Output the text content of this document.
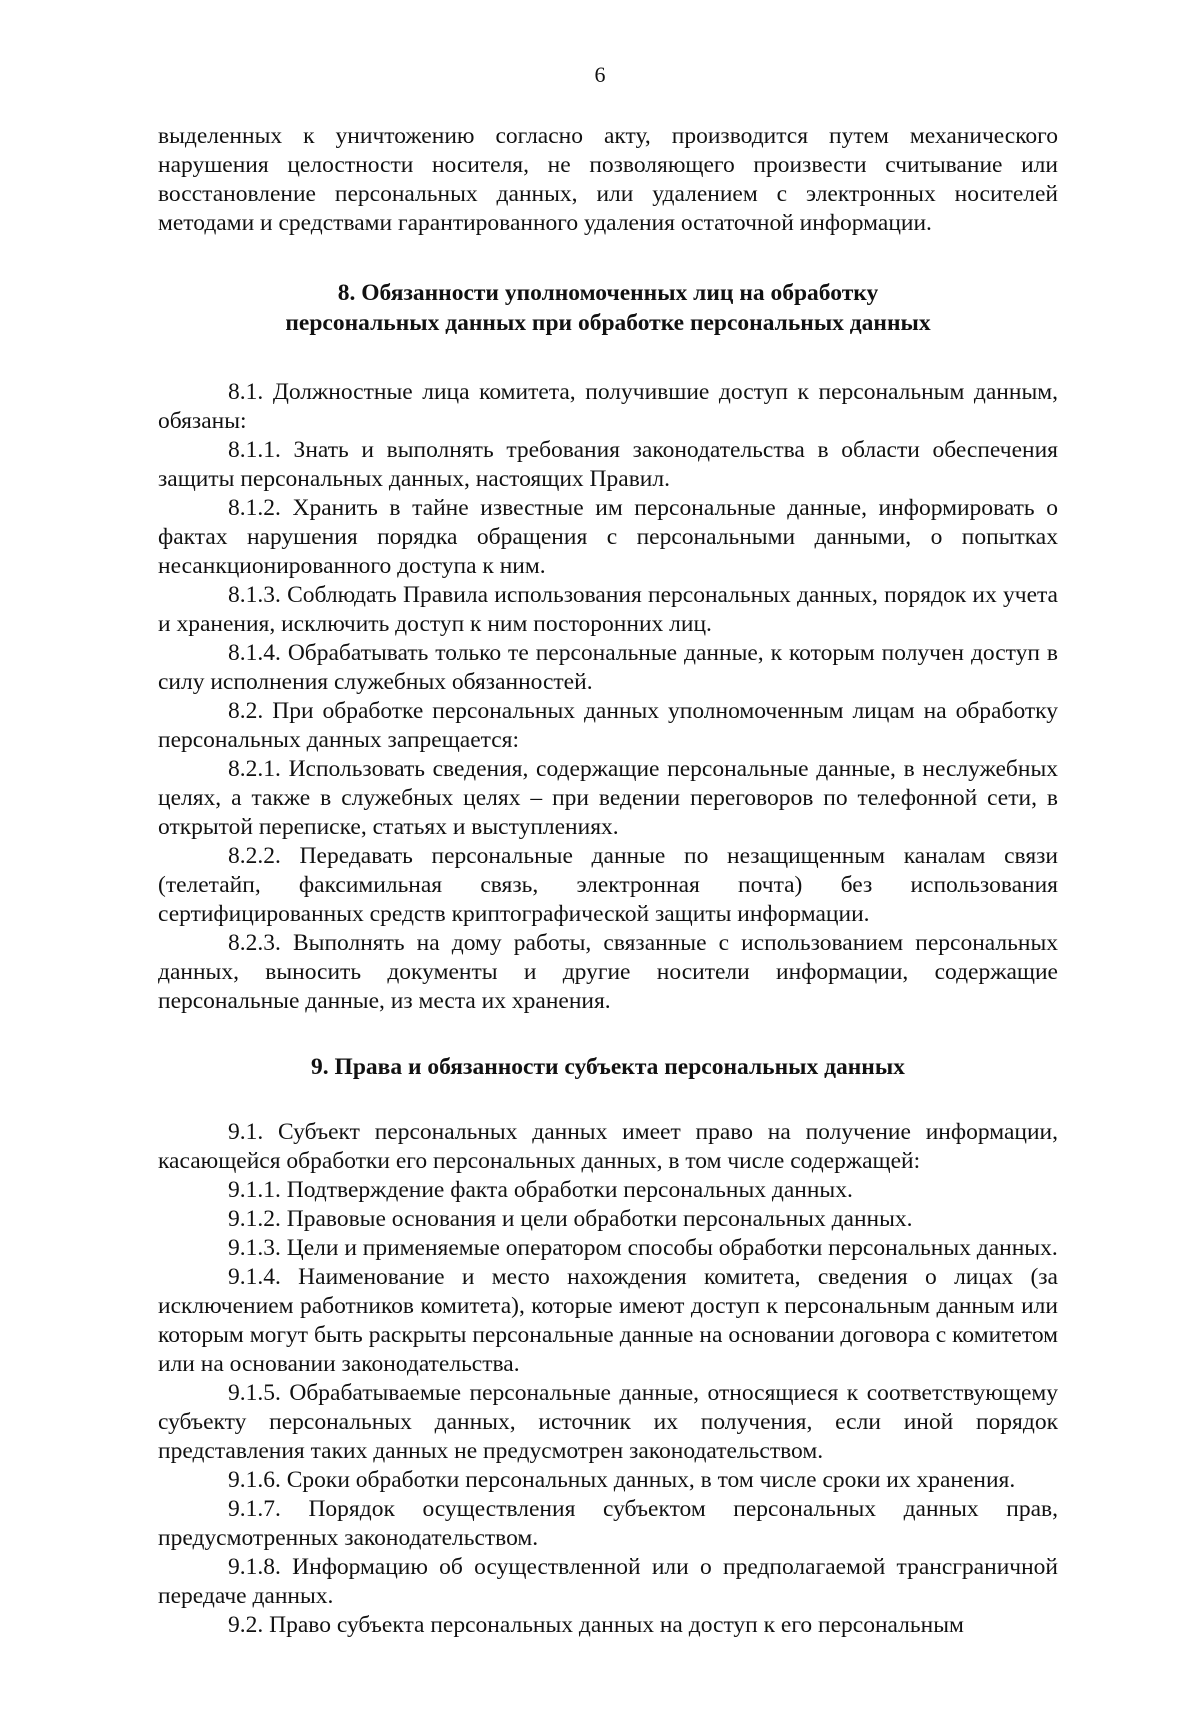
6

выделенных к уничтожению согласно акту, производится путем механического нарушения целостности носителя, не позволяющего произвести считывание или восстановление персональных данных, или удалением с электронных носителей методами и средствами гарантированного удаления остаточной информации.

8. Обязанности уполномоченных лиц на обработку
персональных данных при обработке персональных данных

8.1. Должностные лица комитета, получившие доступ к персональным данным, обязаны:

8.1.1. Знать и выполнять требования законодательства в области обеспечения защиты персональных данных, настоящих Правил.

8.1.2. Хранить в тайне известные им персональные данные, информировать о фактах нарушения порядка обращения с персональными данными, о попытках несанкционированного доступа к ним.

8.1.3. Соблюдать Правила использования персональных данных, порядок их учета и хранения, исключить доступ к ним посторонних лиц.

8.1.4. Обрабатывать только те персональные данные, к которым получен доступ в силу исполнения служебных обязанностей.

8.2. При обработке персональных данных уполномоченным лицам на обработку персональных данных запрещается:

8.2.1. Использовать сведения, содержащие персональные данные, в неслужебных целях, а также в служебных целях – при ведении переговоров по телефонной сети, в открытой переписке, статьях и выступлениях.

8.2.2. Передавать персональные данные по незащищенным каналам связи (телетайп, факсимильная связь, электронная почта) без использования сертифицированных средств криптографической защиты информации.

8.2.3. Выполнять на дому работы, связанные с использованием персональных данных, выносить документы и другие носители информации, содержащие персональные данные, из места их хранения.

9. Права и обязанности субъекта персональных данных

9.1. Субъект персональных данных имеет право на получение информации, касающейся обработки его персональных данных, в том числе содержащей:

9.1.1. Подтверждение факта обработки персональных данных.

9.1.2. Правовые основания и цели обработки персональных данных.

9.1.3. Цели и применяемые оператором способы обработки персональных данных.

9.1.4. Наименование и место нахождения комитета, сведения о лицах (за исключением работников комитета), которые имеют доступ к персональным данным или которым могут быть раскрыты персональные данные на основании договора с комитетом или на основании законодательства.

9.1.5. Обрабатываемые персональные данные, относящиеся к соответствующему субъекту персональных данных, источник их получения, если иной порядок представления таких данных не предусмотрен законодательством.

9.1.6. Сроки обработки персональных данных, в том числе сроки их хранения.

9.1.7. Порядок осуществления субъектом персональных данных прав, предусмотренных законодательством.

9.1.8. Информацию об осуществленной или о предполагаемой трансграничной передаче данных.

9.2. Право субъекта персональных данных на доступ к его персональным
